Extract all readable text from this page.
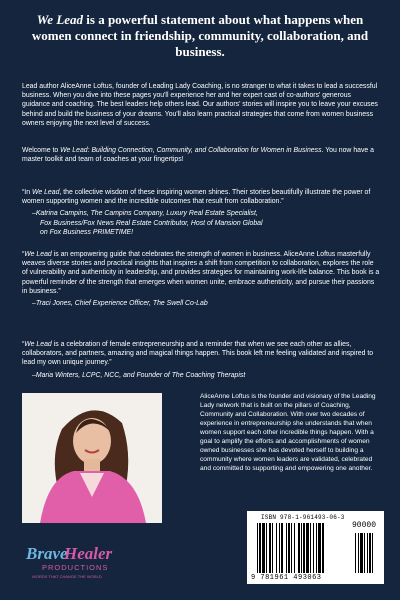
We Lead is a powerful statement about what happens when women connect in friendship, community, collaboration, and business.
Lead author AliceAnne Loftus, founder of Leading Lady Coaching, is no stranger to what it takes to lead a successful business. When you dive into these pages you'll experience her and her expert cast of co-authors' generous guidance and coaching. The best leaders help others lead. Our authors' stories will inspire you to leave your excuses behind and build the business of your dreams. You'll also learn practical strategies that come from women business owners enjoying the next level of success.
Welcome to We Lead: Building Connection, Community, and Collaboration for Women in Business. You now have a master toolkit and team of coaches at your fingertips!
“In We Lead, the collective wisdom of these inspiring women shines. Their stories beautifully illustrate the power of women supporting women and the incredible outcomes that result from collaboration.”
–Katrina Campins, The Campins Company, Luxury Real Estate Specialist,
Fox Business/Fox News Real Estate Contributor, Host of Mansion Global
on Fox Business PRIMETIME!
“We Lead is an empowering guide that celebrates the strength of women in business. AliceAnne Loftus masterfully weaves diverse stories and practical insights that inspires a shift from competition to collaboration, explores the role of vulnerability and authenticity in leadership, and provides strategies for maintaining work-life balance. This book is a powerful reminder of the strength that emerges when women unite, embrace authenticity, and pursue their passions in business.”
–Traci Jones, Chief Experience Officer, The Swell Co-Lab
“We Lead is a celebration of female entrepreneurship and a reminder that when we see each other as allies, collaborators, and partners, amazing and magical things happen. This book left me feeling validated and inspired to lead my own unique journey.”
–Maria Winters, LCPC, NCC, and Founder of The Coaching Therapist
AliceAnne Loftus is the founder and visionary of the Leading Lady network that is built on the pillars of Coaching, Community and Collaboration. With over two decades of experience in entrepreneurship she understands that when women support each other incredible things happen. With a goal to amplify the efforts and accomplishments of women owned businesses she has devoted herself to building a community where women leaders are validated, celebrated and committed to supporting and empowering one another.
Brave
Healer
PRODUCTIONS
WORDS THAT CHANGE THE WORLD
ISBN 978-1-961493-06-3
90000
9 781961 493063
